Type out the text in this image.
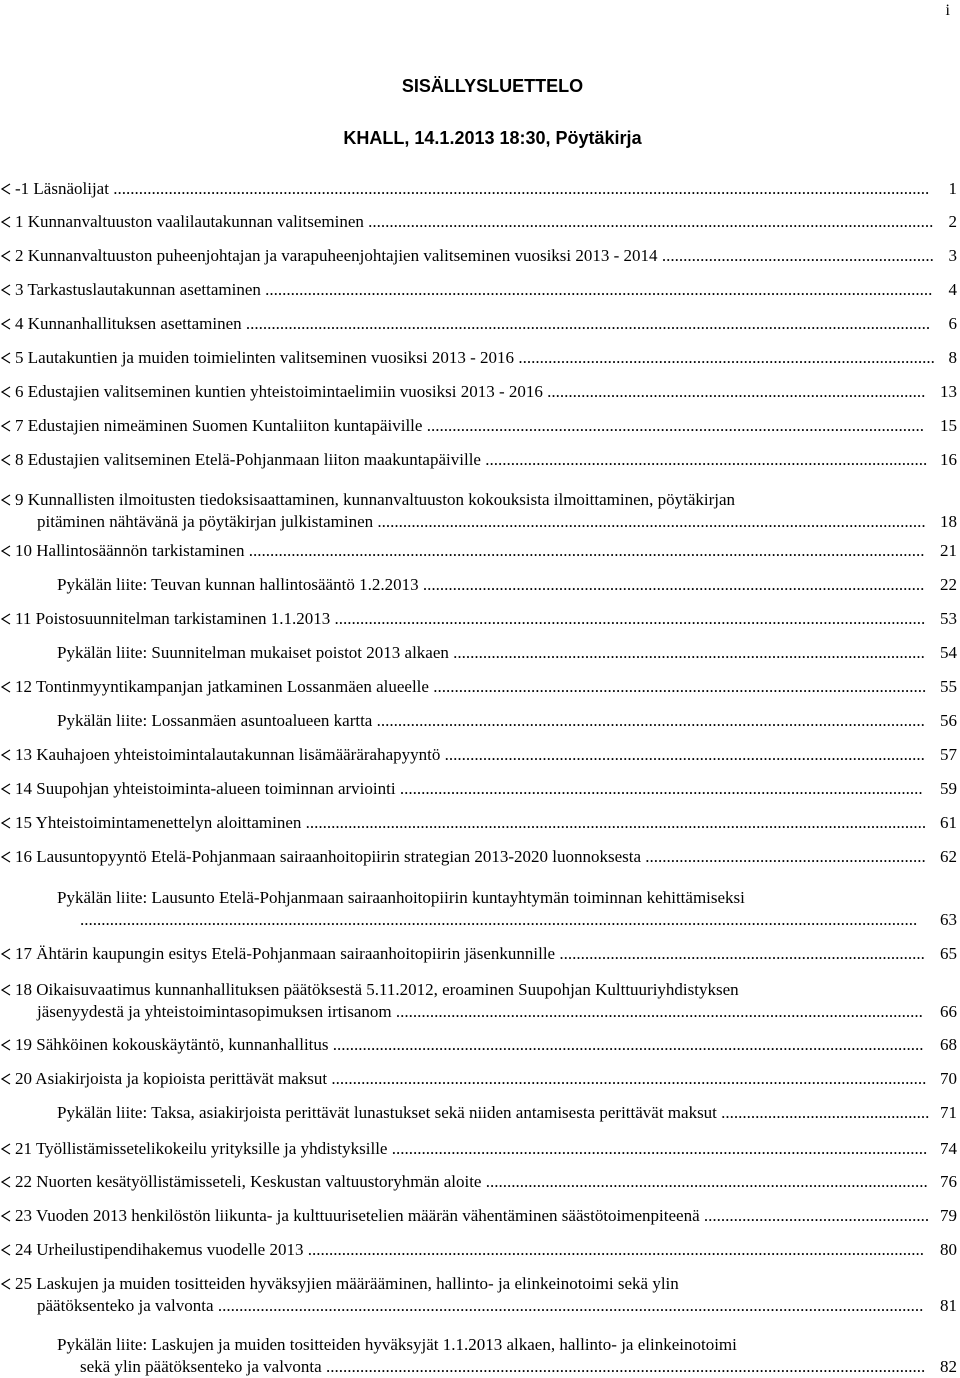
i
SISÄLLYSLUETTELO
KHALL, 14.1.2013 18:30, Pöytäkirja
-1 Läsnäolijat ................................................................................................................................................................................................ 1
1 Kunnanvaltuuston vaalilautakunnan valitseminen ..................................................................................................................................... 2
2 Kunnanvaltuuston puheenjohtajan ja varapuheenjohtajien valitseminen vuosiksi 2013 - 2014 ................................................................ 3
3 Tarkastuslautakunnan asettaminen ............................................................................................................................................................. 4
4 Kunnanhallituksen asettaminen ................................................................................................................................................................. 6
5 Lautakuntien ja muiden toimielinten valitseminen vuosiksi 2013 - 2016 .................................................................................................. 8
6 Edustajien valitseminen kuntien yhteistoimintaelimiin vuosiksi 2013 - 2016 ......................................................................................... 13
7 Edustajien nimeäminen Suomen Kuntaliiton kuntapäiville ..................................................................................................................... 15
8 Edustajien valitseminen Etelä-Pohjanmaan liiton maakuntapäiville ........................................................................................................ 16
9 Kunnallisten ilmoitusten tiedoksisaattaminen, kunnanvaltuuston kokouksista ilmoittaminen, pöytäkirjan
pitäminen nähtävänä ja pöytäkirjan julkistaminen ................................................................................................................................. 18
10 Hallintosäännön tarkistaminen ............................................................................................................................................................... 21
Pykälän liite: Teuvan kunnan hallintosääntö 1.2.2013 ...................................................................................................................... 22
11 Poistosuunnitelman tarkistaminen 1.1.2013 ........................................................................................................................................... 53
Pykälän liite: Suunnitelman mukaiset poistot 2013 alkaen ............................................................................................................... 54
12 Tontinmyyntikampanjan jatkaminen Lossanmäen alueelle .................................................................................................................... 55
Pykälän liite: Lossanmäen asuntoalueen kartta ................................................................................................................................. 56
13 Kauhajoen yhteistoimintalautakunnan lisämäärärahapyyntö ................................................................................................................. 57
14 Suupohjan yhteistoiminta-alueen toiminnan arviointi ........................................................................................................................... 59
15 Yhteistoimintamenettelyn aloittaminen .................................................................................................................................................. 61
16 Lausuntopyyntö Etelä-Pohjanmaan sairaanhoitopiirin strategian 2013-2020 luonnoksesta .................................................................. 62
Pykälän liite: Lausunto Etelä-Pohjanmaan sairaanhoitopiirin kuntayhtymän toiminnan kehittämiseksi
..................................................................................................................................................................................................... 63
17 Ähtärin kaupungin esitys Etelä-Pohjanmaan sairaanhoitopiirin jäsenkunnille ...................................................................................... 65
18 Oikaisuvaatimus kunnanhallituksen päätöksestä 5.11.2012, eroaminen Suupohjan Kulttuuriyhdistyksen
jäsenyydestä ja yhteistoimintasopimuksen irtisanom ............................................................................................................................ 66
19 Sähköinen kokouskäytäntö, kunnanhallitus ........................................................................................................................................... 68
20 Asiakirjoista ja kopioista perittävät maksut ............................................................................................................................................ 70
Pykälän liite: Taksa, asiakirjoista perittävät lunastukset sekä niiden antamisesta perittävät maksut ................................................. 71
21 Työllistämissetelikokeilu yrityksille ja yhdistyksille .............................................................................................................................. 74
22 Nuorten kesätyöllistämisseteli, Keskustan valtuustoryhmän aloite ........................................................................................................ 76
23 Vuoden 2013 henkilöstön liikunta- ja kulttuurisetelien määrän vähentäminen säästötoimenpiteenä ..................................................... 79
24 Urheilustipendihakemus vuodelle 2013 ................................................................................................................................................. 80
25 Laskujen ja muiden tositteiden hyväksyjien määrääminen, hallinto- ja elinkeinotoimi sekä ylin
päätöksenteko ja valvonta ...................................................................................................................................................................... 81
Pykälän liite: Laskujen ja muiden tositteiden hyväksyjät 1.1.2013 alkaen, hallinto- ja elinkeinotoimi
sekä ylin päätöksenteko ja valvonta ............................................................................................................................................. 82
